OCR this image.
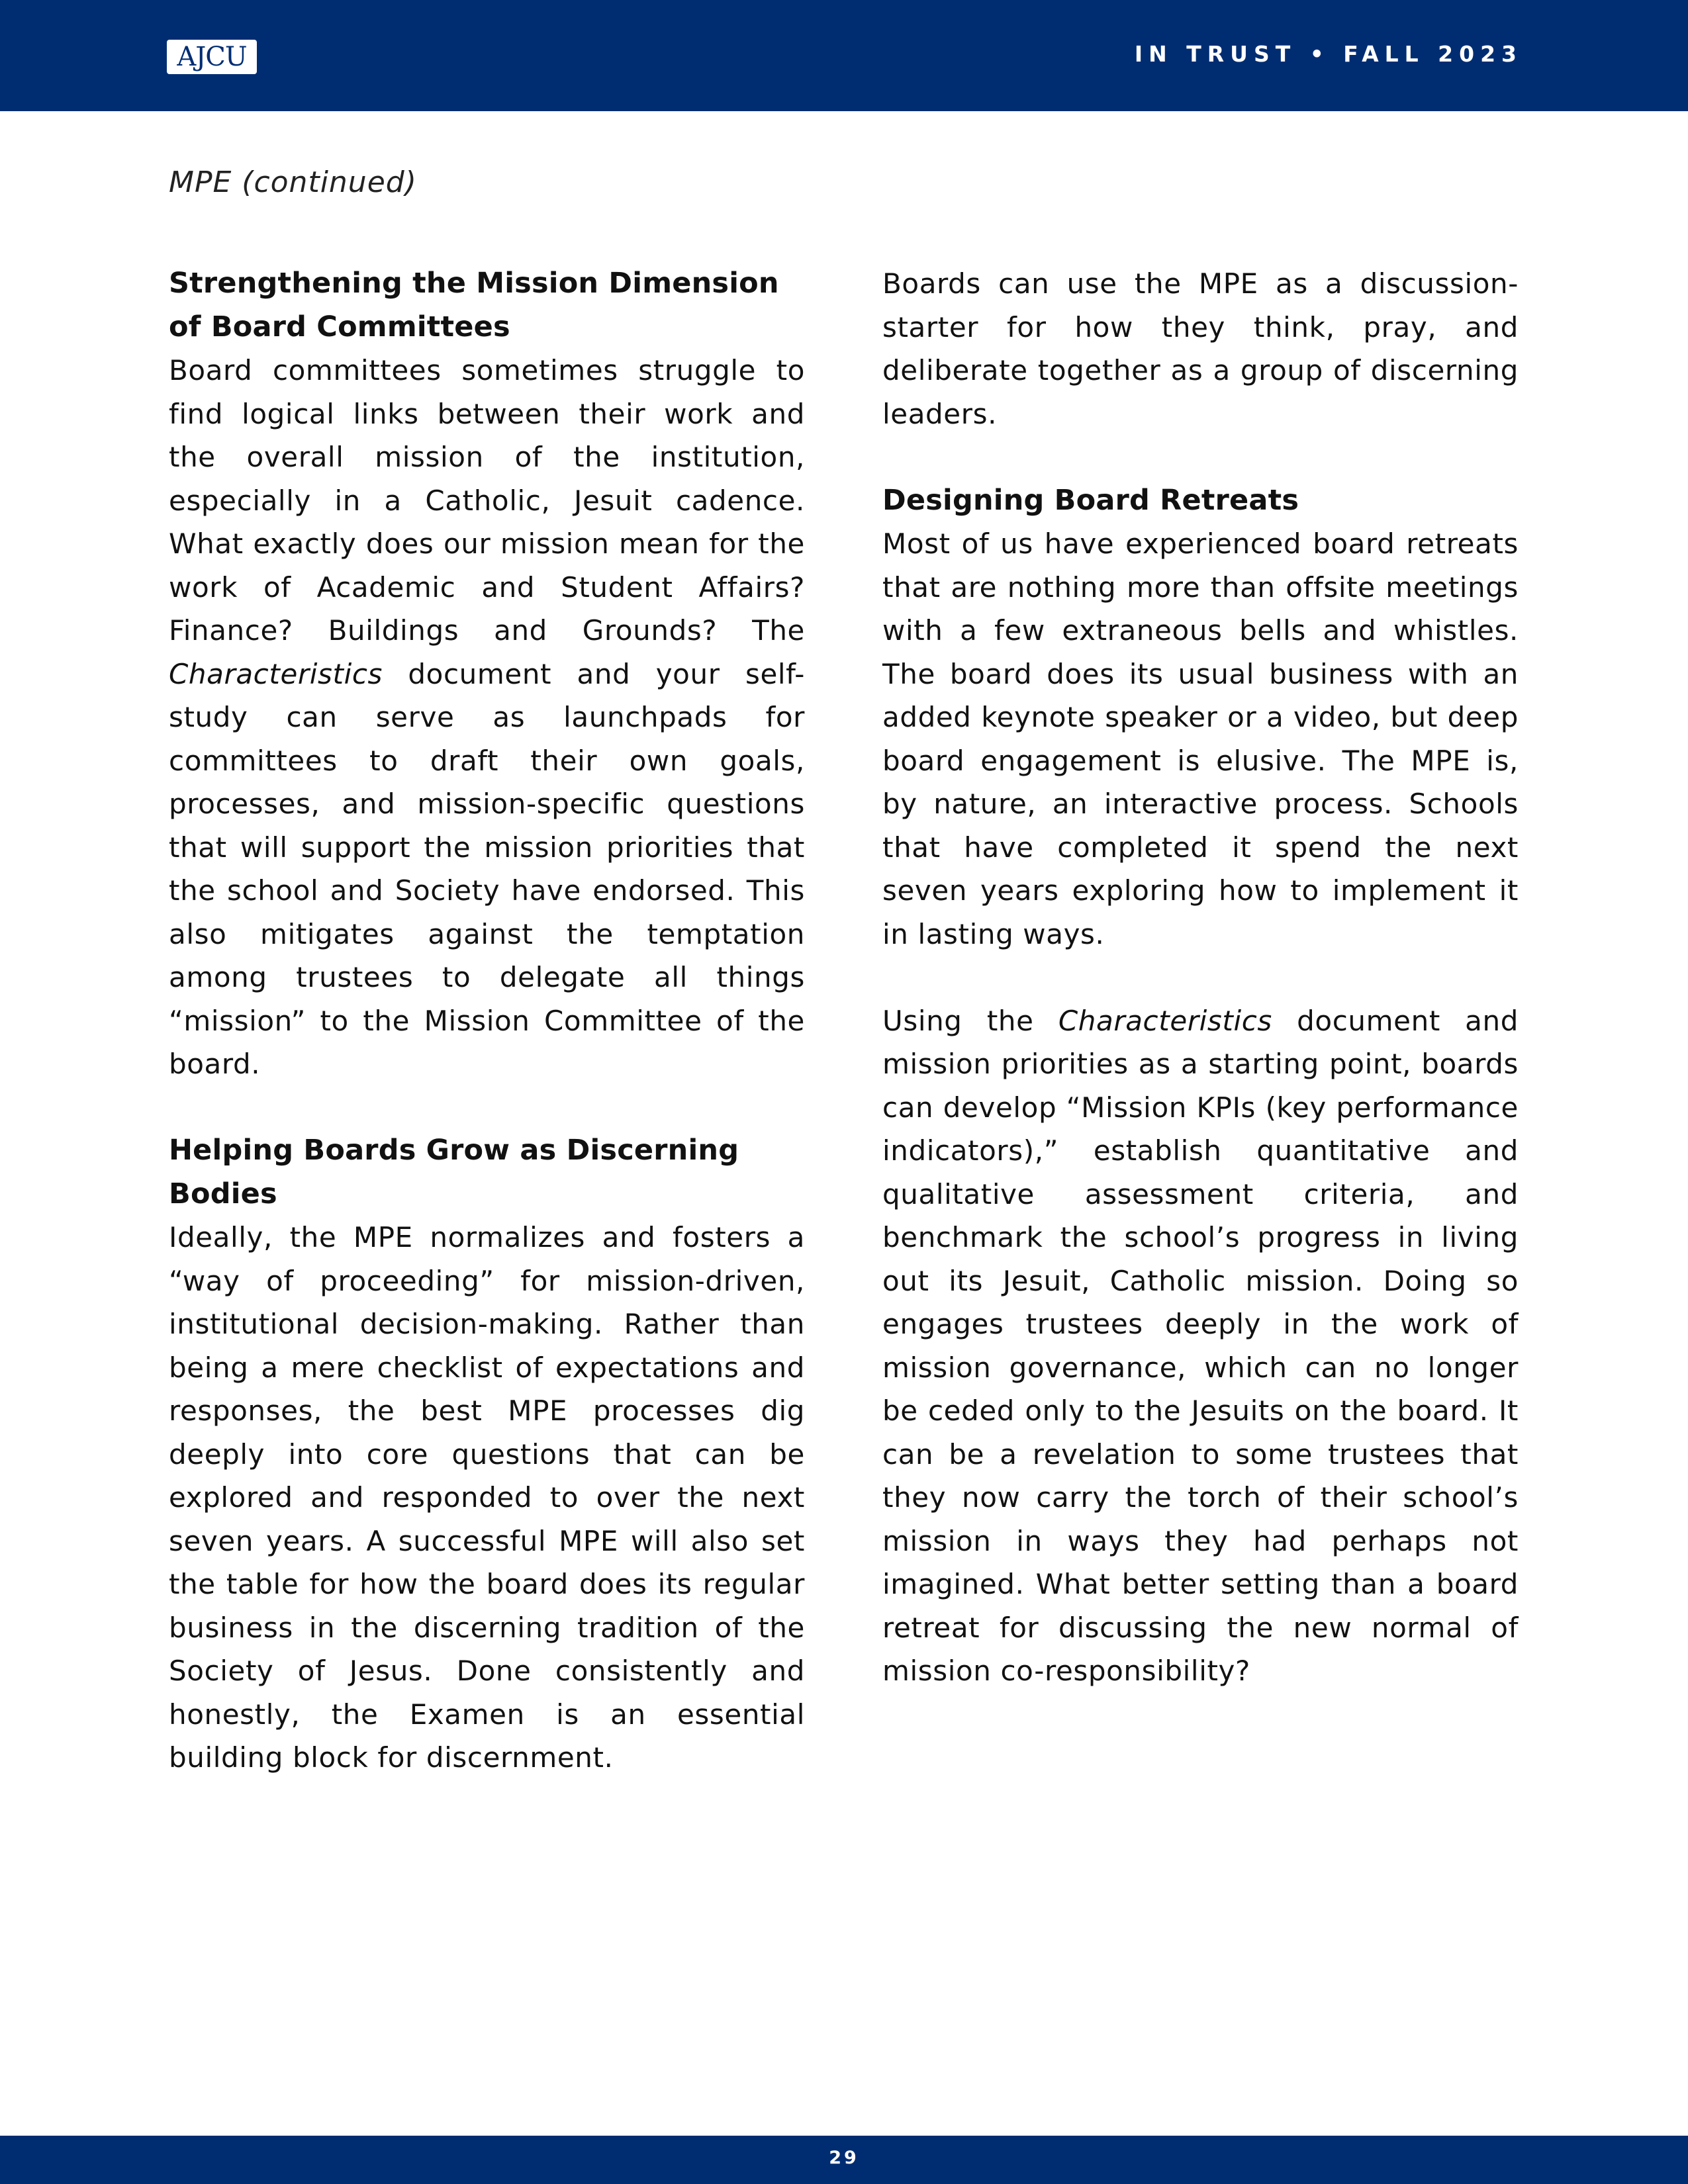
AJCU	IN TRUST • FALL 2023
MPE (continued)
Strengthening the Mission Dimension of Board Committees

Board committees sometimes struggle to find logical links between their work and the overall mission of the institution, especially in a Catholic, Jesuit cadence. What exactly does our mission mean for the work of Academic and Student Affairs? Finance? Buildings and Grounds? The Characteristics document and your self-study can serve as launchpads for committees to draft their own goals, processes, and mission-specific questions that will support the mission priorities that the school and Society have endorsed. This also mitigates against the temptation among trustees to delegate all things “mission” to the Mission Committee of the board.

Helping Boards Grow as Discerning Bodies

Ideally, the MPE normalizes and fosters a “way of proceeding” for mission-driven, institutional decision-making. Rather than being a mere checklist of expectations and responses, the best MPE processes dig deeply into core questions that can be explored and responded to over the next seven years. A successful MPE will also set the table for how the board does its regular business in the discerning tradition of the Society of Jesus. Done consistently and honestly, the Examen is an essential building block for discernment.

Boards can use the MPE as a discussion-starter for how they think, pray, and deliberate together as a group of discerning leaders.

Designing Board Retreats

Most of us have experienced board retreats that are nothing more than offsite meetings with a few extraneous bells and whistles. The board does its usual business with an added keynote speaker or a video, but deep board engagement is elusive. The MPE is, by nature, an interactive process. Schools that have completed it spend the next seven years exploring how to implement it in lasting ways.

Using the Characteristics document and mission priorities as a starting point, boards can develop “Mission KPIs (key performance indicators),” establish quantitative and qualitative assessment criteria, and benchmark the school’s progress in living out its Jesuit, Catholic mission. Doing so engages trustees deeply in the work of mission governance, which can no longer be ceded only to the Jesuits on the board. It can be a revelation to some trustees that they now carry the torch of their school’s mission in ways they had perhaps not imagined. What better setting than a board retreat for discussing the new normal of mission co-responsibility?

29
